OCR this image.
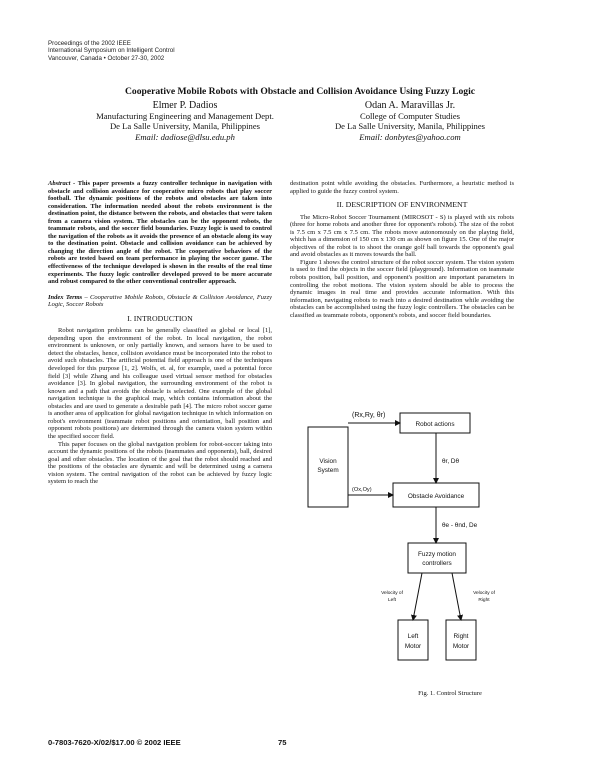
Proceedings of the 2002 IEEE
International Symposium on Intelligent Control
Vancouver, Canada • October 27-30, 2002
Cooperative Mobile Robots with Obstacle and Collision Avoidance Using Fuzzy Logic
Elmer P. Dadios
Manufacturing Engineering and Management Dept.
De La Salle University, Manila, Philippines
Email: dadiose@dlsu.edu.ph
Odan A. Maravillas Jr.
College of Computer Studies
De La Salle University, Manila, Philippines
Email: donbytes@yahoo.com

Abstract - This paper presents a fuzzy controller technique in navigation with obstacle and collision avoidance for cooperative micro robots that play soccer football. The dynamic positions of the robots and obstacles are taken into consideration. The information needed about the robots environment is the destination point, the distance between the robots, and obstacles that were taken from a camera vision system. The obstacles can be the opponent robots, the teammate robots, and the soccer field boundaries. Fuzzy logic is used to control the navigation of the robots as it avoids the presence of an obstacle along its way to the destination point. Obstacle and collision avoidance can be achieved by changing the direction angle of the robot. The cooperative behaviors of the robots are tested based on team performance in playing the soccer game. The effectiveness of the technique developed is shown in the results of the real time experiments. The fuzzy logic controller developed proved to be more accurate and robust compared to the other conventional controller approach.

Index Terms – Cooperative Mobile Robots, Obstacle & Collision Avoidance, Fuzzy Logic, Soccer Robots

I. INTRODUCTION

Robot navigation problems can be generally classified as global or local [1], depending upon the environment of the robot. In local navigation, the robot environment is unknown, or only partially known, and sensors have to be used to detect the obstacles, hence, collision avoidance must be incorporated into the robot to avoid such obstacles. The artificial potential field approach is one of the techniques developed for this purpose [1, 2]. Wolfs, et. al, for example, used a potential force field [3] while Zhang and his colleague used virtual sensor method for obstacles avoidance [3]. In global navigation, the surrounding environment of the robot is known and a path that avoids the obstacle is selected. One example of the global navigation technique is the graphical map, which contains information about the obstacles and are used to generate a desirable path [4]. The micro robot soccer game is another area of application for global navigation technique in which information on robot's environment (teammate robot positions and orientation, ball position and opponent robots positions) are determined through the camera vision system within the specified soccer field.

This paper focuses on the global navigation problem for robot-soccer taking into account the dynamic positions of the robots (teammates and opponents), ball, desired goal and other obstacles. The location of the goal that the robot should reached and the positions of the obstacles are dynamic and will be determined using a camera vision system. The central navigation of the robot can be achieved by fuzzy logic system to reach the

destination point while avoiding the obstacles. Furthermore, a heuristic method is applied to guide the fuzzy control system.

II. DESCRIPTION OF ENVIRONMENT

The Micro-Robot Soccer Tournament (MIROSOT - S) is played with six robots (three for home robots and another three for opponent's robots). The size of the robot is 7.5 cm x 7.5 cm x 7.5 cm. The robots move autonomously on the playing field, which has a dimension of 150 cm x 130 cm as shown on figure 15. One of the major objectives of the robot is to shoot the orange golf ball towards the opponent's goal and avoid obstacles as it moves towards the ball.

Figure 1 shows the control structure of the robot soccer system. The vision system is used to find the objects in the soccer field (playground). Information on teammate robots position, ball position, and opponent's position are important parameters in controlling the robot motions. The vision system should be able to process the dynamic images in real time and provides accurate information. With this information, navigating robots to reach into a desired destination while avoiding the obstacles can be accomplished using the fuzzy logic controllers. The obstacles can be classified as teammate robots, opponent's robots, and soccer field boundaries.

Vision
System
(Rx,Ry, θr)
Robot actions
θr, Dθ
(Ox,Oy)
Obstacle Avoidance
θe - θnd, De
Fuzzy motion
controllers
Velocity of
Left
Velocity of
Right
Left
Motor
Right
Motor
Fig. 1. Control Structure
0-7803-7620-X/02/$17.00 © 2002 IEEE	75
